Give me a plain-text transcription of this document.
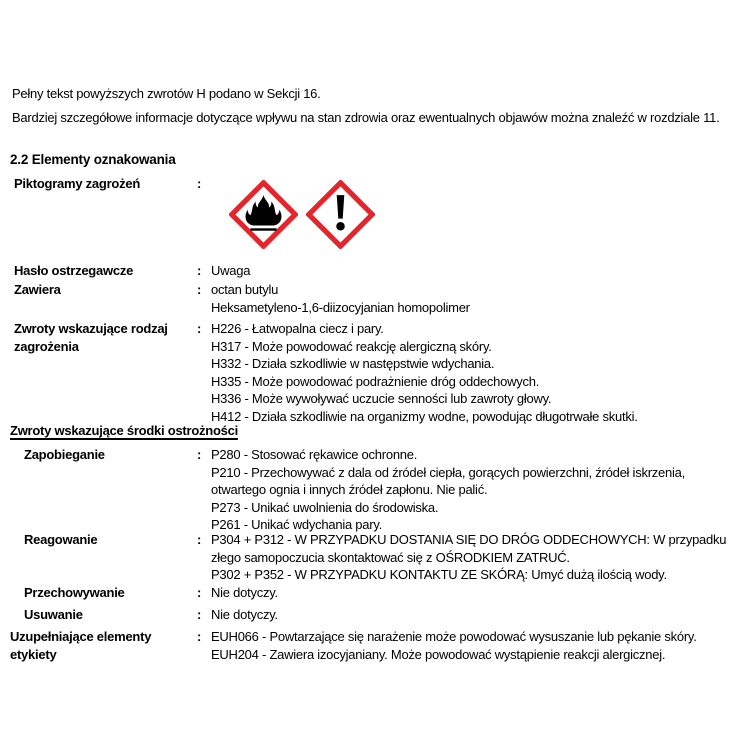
Pełny tekst powyższych zwrotów H podano w Sekcji 16.

Bardziej szczegółowe informacje dotyczące wpływu na stan zdrowia oraz ewentualnych objawów można znaleźć w rozdziale 11.

2.2 Elementy oznakowania
Piktogramy zagrożeń	:
Hasło ostrzegawcze	: Uwaga
Zawiera	: octan butylu
Heksametyleno-1,6-diizocyjanian homopolimer
Zwroty wskazujące rodzaj zagrożenia
: H226 - Łatwopalna ciecz i pary.
H317 - Może powodować reakcję alergiczną skóry.
H332 - Działa szkodliwie w następstwie wdychania.
H335 - Może powodować podrażnienie dróg oddechowych.
H336 - Może wywoływać uczucie senności lub zawroty głowy.
H412 - Działa szkodliwie na organizmy wodne, powodując długotrwałe skutki.
Zwroty wskazujące środki ostrożności
Zapobieganie	: P280 - Stosować rękawice ochronne.
P210 - Przechowywać z dala od źródeł ciepła, gorących powierzchni, źródeł iskrzenia, otwartego ognia i innych źródeł zapłonu. Nie palić.
P273 - Unikać uwolnienia do środowiska.
P261 - Unikać wdychania pary.
Reagowanie	: P304 + P312 - W PRZYPADKU DOSTANIA SIĘ DO DRÓG ODDECHOWYCH: W przypadku złego samopoczucia skontaktować się z OŚRODKIEM ZATRUĆ.
P302 + P352 - W PRZYPADKU KONTAKTU ZE SKÓRĄ: Umyć dużą ilością wody.
Przechowywanie	: Nie dotyczy.
Usuwanie	: Nie dotyczy.
Uzupełniające elementy etykiety
: EUH066 - Powtarzające się narażenie może powodować wysuszanie lub pękanie skóry.
EUH204 - Zawiera izocyjaniany. Może powodować wystąpienie reakcji alergicznej.
